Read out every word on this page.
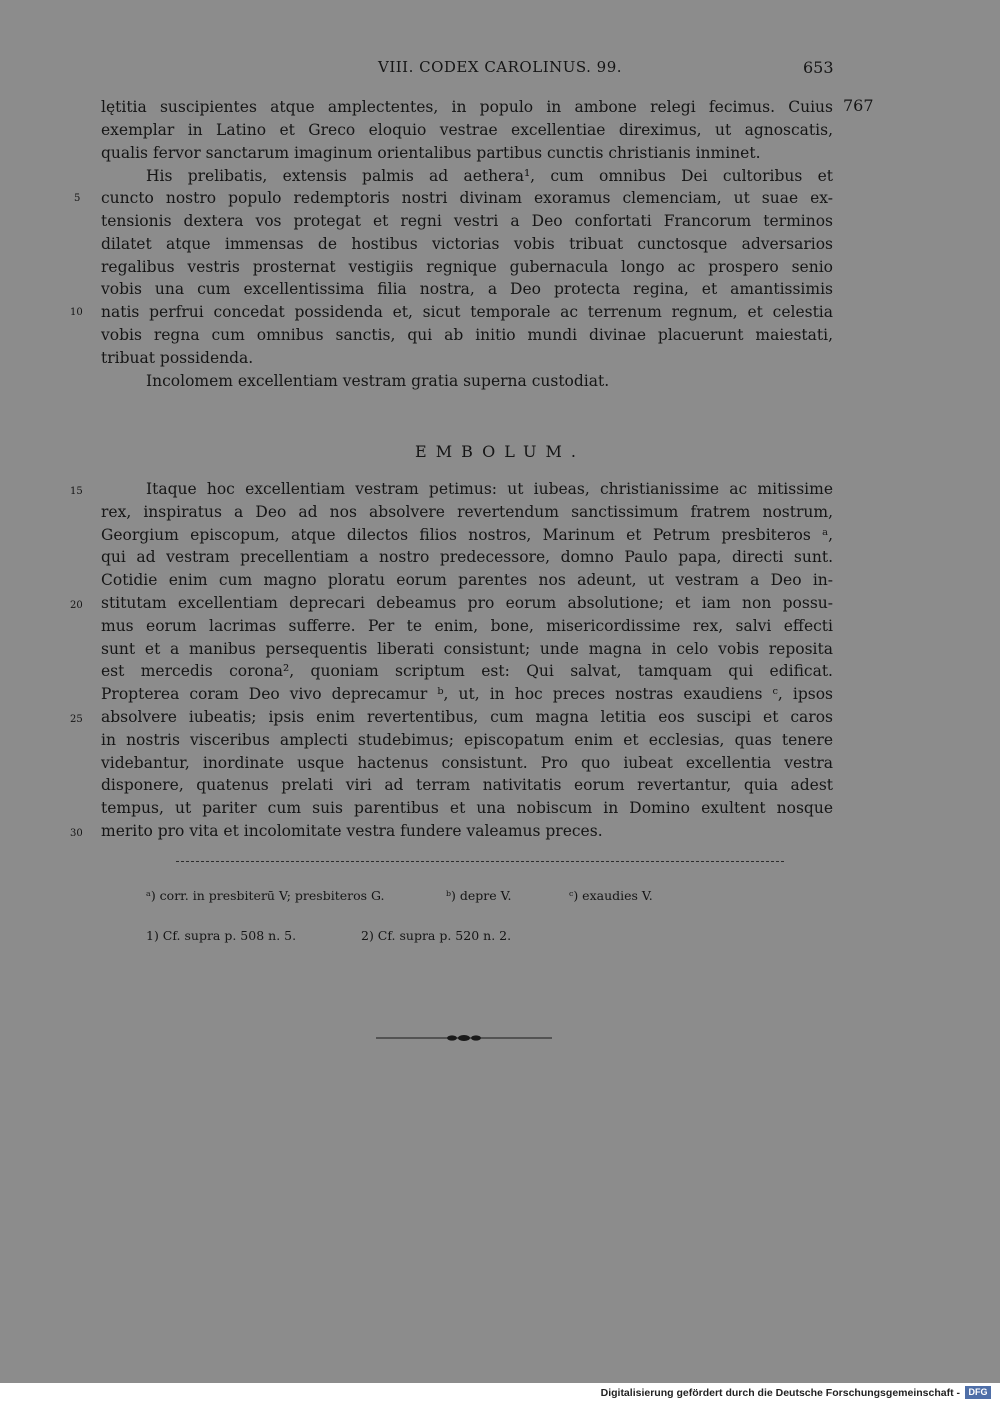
VIII. CODEX CAROLINUS. 99.	653
767
lętitia suscipientes atque amplectentes, in populo in ambone relegi fecimus. Cuius
exemplar in Latino et Greco eloquio vestrae excellentiae direximus, ut agnoscatis,
qualis fervor sanctarum imaginum orientalibus partibus cunctis christianis inminet.
His prelibatis, extensis palmis ad aethera¹, cum omnibus Dei cultoribus et
cuncto nostro populo redemptoris nostri divinam exoramus clemenciam, ut suae ex-
tensionis dextera vos protegat et regni vestri a Deo confortati Francorum terminos
dilatet atque immensas de hostibus victorias vobis tribuat cunctosque adversarios
regalibus vestris prosternat vestigiis regnique gubernacula longo ac prospero senio
vobis una cum excellentissima filia nostra, a Deo protecta regina, et amantissimis
natis perfrui concedat possidenda et, sicut temporale ac terrenum regnum, et celestia
vobis regna cum omnibus sanctis, qui ab initio mundi divinae placuerunt maiestati,
tribuat possidenda.
Incolomem excellentiam vestram gratia superna custodiat.
5
10
15
20
25
30
EMBOLUM.
Itaque hoc excellentiam vestram petimus: ut iubeas, christianissime ac mitissime
rex, inspiratus a Deo ad nos absolvere revertendum sanctissimum fratrem nostrum,
Georgium episcopum, atque dilectos filios nostros, Marinum et Petrum presbiteros ᵃ,
qui ad vestram precellentiam a nostro predecessore, domno Paulo papa, directi sunt.
Cotidie enim cum magno ploratu eorum parentes nos adeunt, ut vestram a Deo in-
stitutam excellentiam deprecari debeamus pro eorum absolutione; et iam non possu-
mus eorum lacrimas sufferre. Per te enim, bone, misericordissime rex, salvi effecti
sunt et a manibus persequentis liberati consistunt; unde magna in celo vobis reposita
est mercedis corona², quoniam scriptum est: Qui salvat, tamquam qui edificat.
Propterea coram Deo vivo deprecamur ᵇ, ut, in hoc preces nostras exaudiens ᶜ, ipsos
absolvere iubeatis; ipsis enim revertentibus, cum magna letitia eos suscipi et caros
in nostris visceribus amplecti studebimus; episcopatum enim et ecclesias, quas tenere
videbantur, inordinate usque hactenus consistunt. Pro quo iubeat excellentia vestra
disponere, quatenus prelati viri ad terram nativitatis eorum revertantur, quia adest
tempus, ut pariter cum suis parentibus et una nobiscum in Domino exultent nosque
merito pro vita et incolomitate vestra fundere valeamus preces.
ᵃ) corr. in presbiterū V; presbiteros G.	ᵇ) depre V.	ᶜ) exaudies V.
1) Cf. supra p. 508 n. 5.	2) Cf. supra p. 520 n. 2.
Digitalisierung gefördert durch die Deutsche Forschungsgemeinschaft - DFG
